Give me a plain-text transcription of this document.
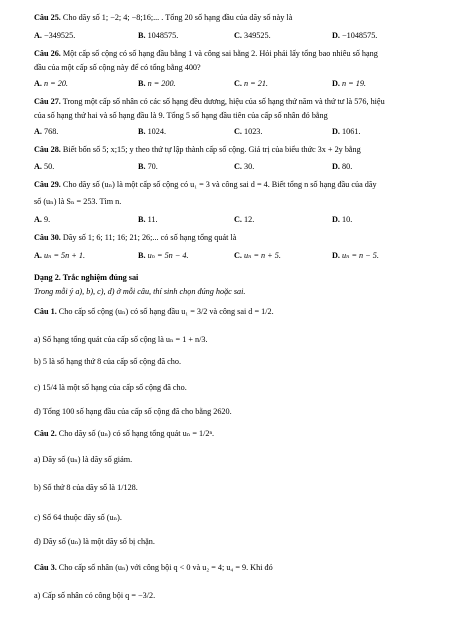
Câu 25. Cho dãy số 1; −2; 4; −8;16;... . Tổng 20 số hạng đầu của dãy số này là
A. −349525.	B. 1048575.	C. 349525.	D. −1048575.
Câu 26. Một cấp số cộng có số hạng đầu bằng 1 và công sai bằng 2. Hỏi phải lấy tổng bao nhiêu số hạng
đầu của một cấp số cộng này để có tổng bằng 400?
A. n = 20.	B. n = 200.	C. n = 21.	D. n = 19.
Câu 27. Trong một cấp số nhân có các số hạng đều dương, hiệu của số hạng thứ năm và thứ tư là 576, hiệu
của số hạng thứ hai và số hạng đầu là 9. Tổng 5 số hạng đầu tiên của cấp số nhân đó bằng
A. 768.	B. 1024.	C. 1023.	D. 1061.
Câu 28. Biết bốn số 5; x;15; y theo thứ tự lập thành cấp số cộng. Giá trị của biểu thức 3x + 2y bằng
A. 50.	B. 70.	C. 30.	D. 80.
Câu 29. Cho dãy số (uₙ) là một cấp số cộng có u₁ = 3 và công sai d = 4. Biết tổng n số hạng đầu của dãy
số (uₙ) là Sₙ = 253. Tìm n.
A. 9.	B. 11.	C. 12.	D. 10.
Câu 30. Dãy số 1; 6; 11; 16; 21; 26;... có số hạng tổng quát là
A. uₙ = 5n + 1.	B. uₙ = 5n − 4.	C. uₙ = n + 5.	D. uₙ = n − 5.
Dạng 2. Trắc nghiệm đúng sai
Trong mỗi ý a), b), c), d) ở mỗi câu, thí sinh chọn đúng hoặc sai.
Câu 1. Cho cấp số cộng (uₙ) có số hạng đầu u₁ = 3/2 và công sai d = 1/2.
a) Số hạng tổng quát của cấp số cộng là uₙ = 1 + n/3.
b) 5 là số hạng thứ 8 của cấp số cộng đã cho.
c) 15/4 là một số hạng của cấp số cộng đã cho.
d) Tổng 100 số hạng đầu của cấp số cộng đã cho bằng 2620.
Câu 2. Cho dãy số (uₙ) có số hạng tổng quát uₙ = 1/2ⁿ.
a) Dãy số (uₙ) là dãy số giảm.
b) Số thứ 8 của dãy số là 1/128.
c) Số 64 thuộc dãy số (uₙ).
d) Dãy số (uₙ) là một dãy số bị chặn.
Câu 3. Cho cấp số nhân (uₙ) với công bội q < 0 và u₂ = 4; u₄ = 9. Khi đó
a) Cấp số nhân có công bội q = −3/2.
